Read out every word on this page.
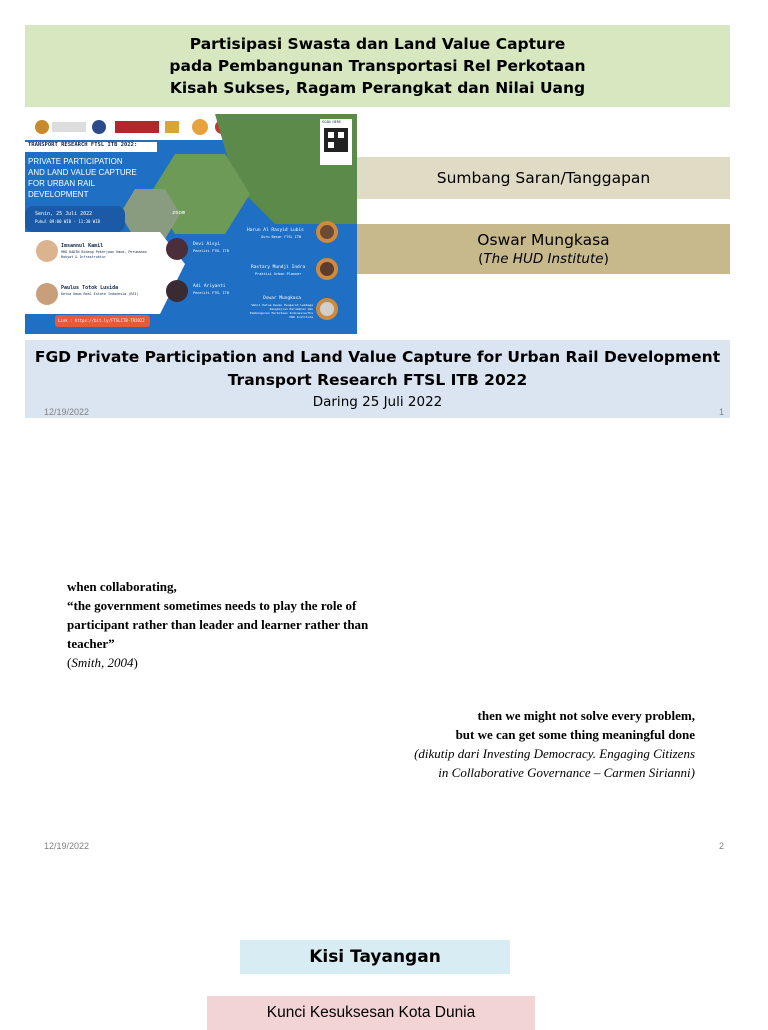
Partisipasi Swasta dan Land Value Capture
pada Pembangunan Transportasi Rel Perkotaan
Kisah Sukses, Ragam Perangkat dan Nilai Uang
TRANSPORT RESEARCH FTSL ITB 2022:
PRIVATE PARTICIPATION
AND LAND VALUE CAPTURE
FOR URBAN RAIL
DEVELOPMENT
Senin, 25 Juli 2022
Pukul 09:00 WIB - 11:30 WIB
zoom
SCAN HERE
Link : https://bit.ly/FTSLITB-TR2022
Imsannul Kamil
HRD KADIN Bidang Pekerjaan Umum, Perumahan Rakyat & Infrastruktur
Paulus Totok Lusida
Ketua Umum Real Estate Indonesia (REI)
Devi Aisyi
Peneliti FTSL ITB
Adi Ariyanti
Peneliti FTSL ITB
Harun Al Rasyid Lubis
Guru Besar FTSL ITB
Rastary Mundji Indra
Praktisi Urban Planner
Oswar Mungkasa
Wakil Ketua Dewan Pengarah Lembaga Pengkajian Perumahan dan Pembangunan Perkotaan Indonesia/The HUD Institute
Sumbang Saran/Tanggapan
Oswar Mungkasa
(The HUD Institute)
FGD Private Participation and Land Value Capture for Urban Rail Development
Transport Research FTSL ITB 2022
Daring 25 Juli 2022
12/19/2022	1
when collaborating,
“the government sometimes needs to play the role of
participant rather than leader and learner rather than
teacher”
(Smith, 2004)
then we might not solve every problem,
but we can get some thing meaningful done
(dikutip dari Investing Democracy. Engaging Citizens
in Collaborative Governance – Carmen Sirianni)
12/19/2022	2
Kisi Tayangan
Kunci Kesuksesan Kota Dunia
